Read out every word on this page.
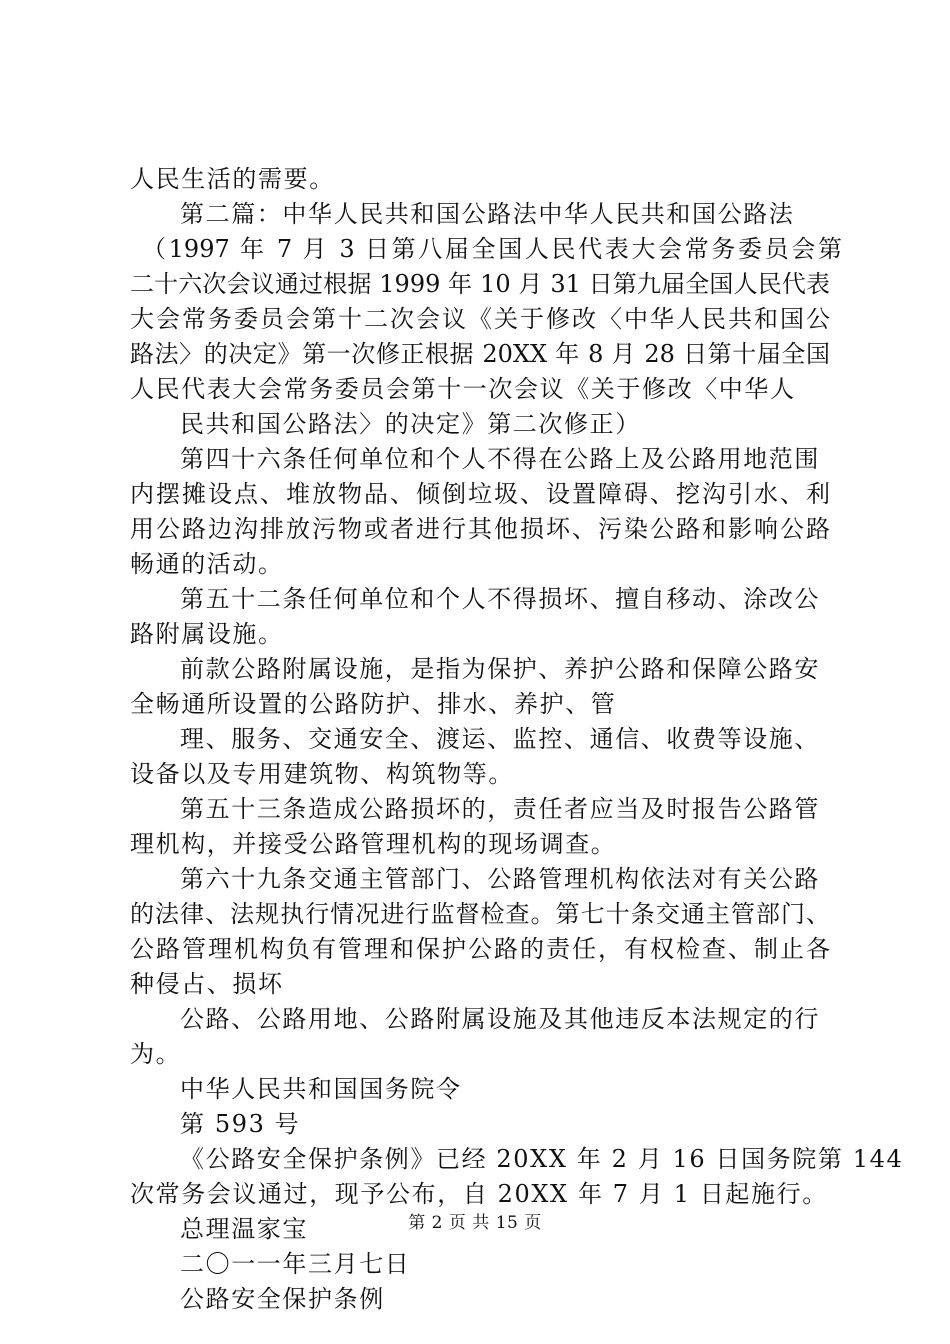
人民生活的需要。
第二篇：中华人民共和国公路法中华人民共和国公路法
（1997 年 7 月 3 日第八届全国人民代表大会常务委员会第
二十六次会议通过根据 1999 年 10 月 31 日第九届全国人民代表
大会常务委员会第十二次会议《关于修改〈中华人民共和国公
路法〉的决定》第一次修正根据 20XX 年 8 月 28 日第十届全国
人民代表大会常务委员会第十一次会议《关于修改〈中华人
民共和国公路法〉的决定》第二次修正）
第四十六条任何单位和个人不得在公路上及公路用地范围
内摆摊设点、堆放物品、倾倒垃圾、设置障碍、挖沟引水、利
用公路边沟排放污物或者进行其他损坏、污染公路和影响公路
畅通的活动。
第五十二条任何单位和个人不得损坏、擅自移动、涂改公
路附属设施。
前款公路附属设施，是指为保护、养护公路和保障公路安
全畅通所设置的公路防护、排水、养护、管
理、服务、交通安全、渡运、监控、通信、收费等设施、
设备以及专用建筑物、构筑物等。
第五十三条造成公路损坏的，责任者应当及时报告公路管
理机构，并接受公路管理机构的现场调查。
第六十九条交通主管部门、公路管理机构依法对有关公路
的法律、法规执行情况进行监督检查。第七十条交通主管部门、
公路管理机构负有管理和保护公路的责任，有权检查、制止各
种侵占、损坏
公路、公路用地、公路附属设施及其他违反本法规定的行
为。
中华人民共和国国务院令
第 593 号
《公路安全保护条例》已经 20XX 年 2 月 16 日国务院第 144
次常务会议通过，现予公布，自 20XX 年 7 月 1 日起施行。
总理温家宝
二〇一一年三月七日
公路安全保护条例
第 2 页 共 15 页
